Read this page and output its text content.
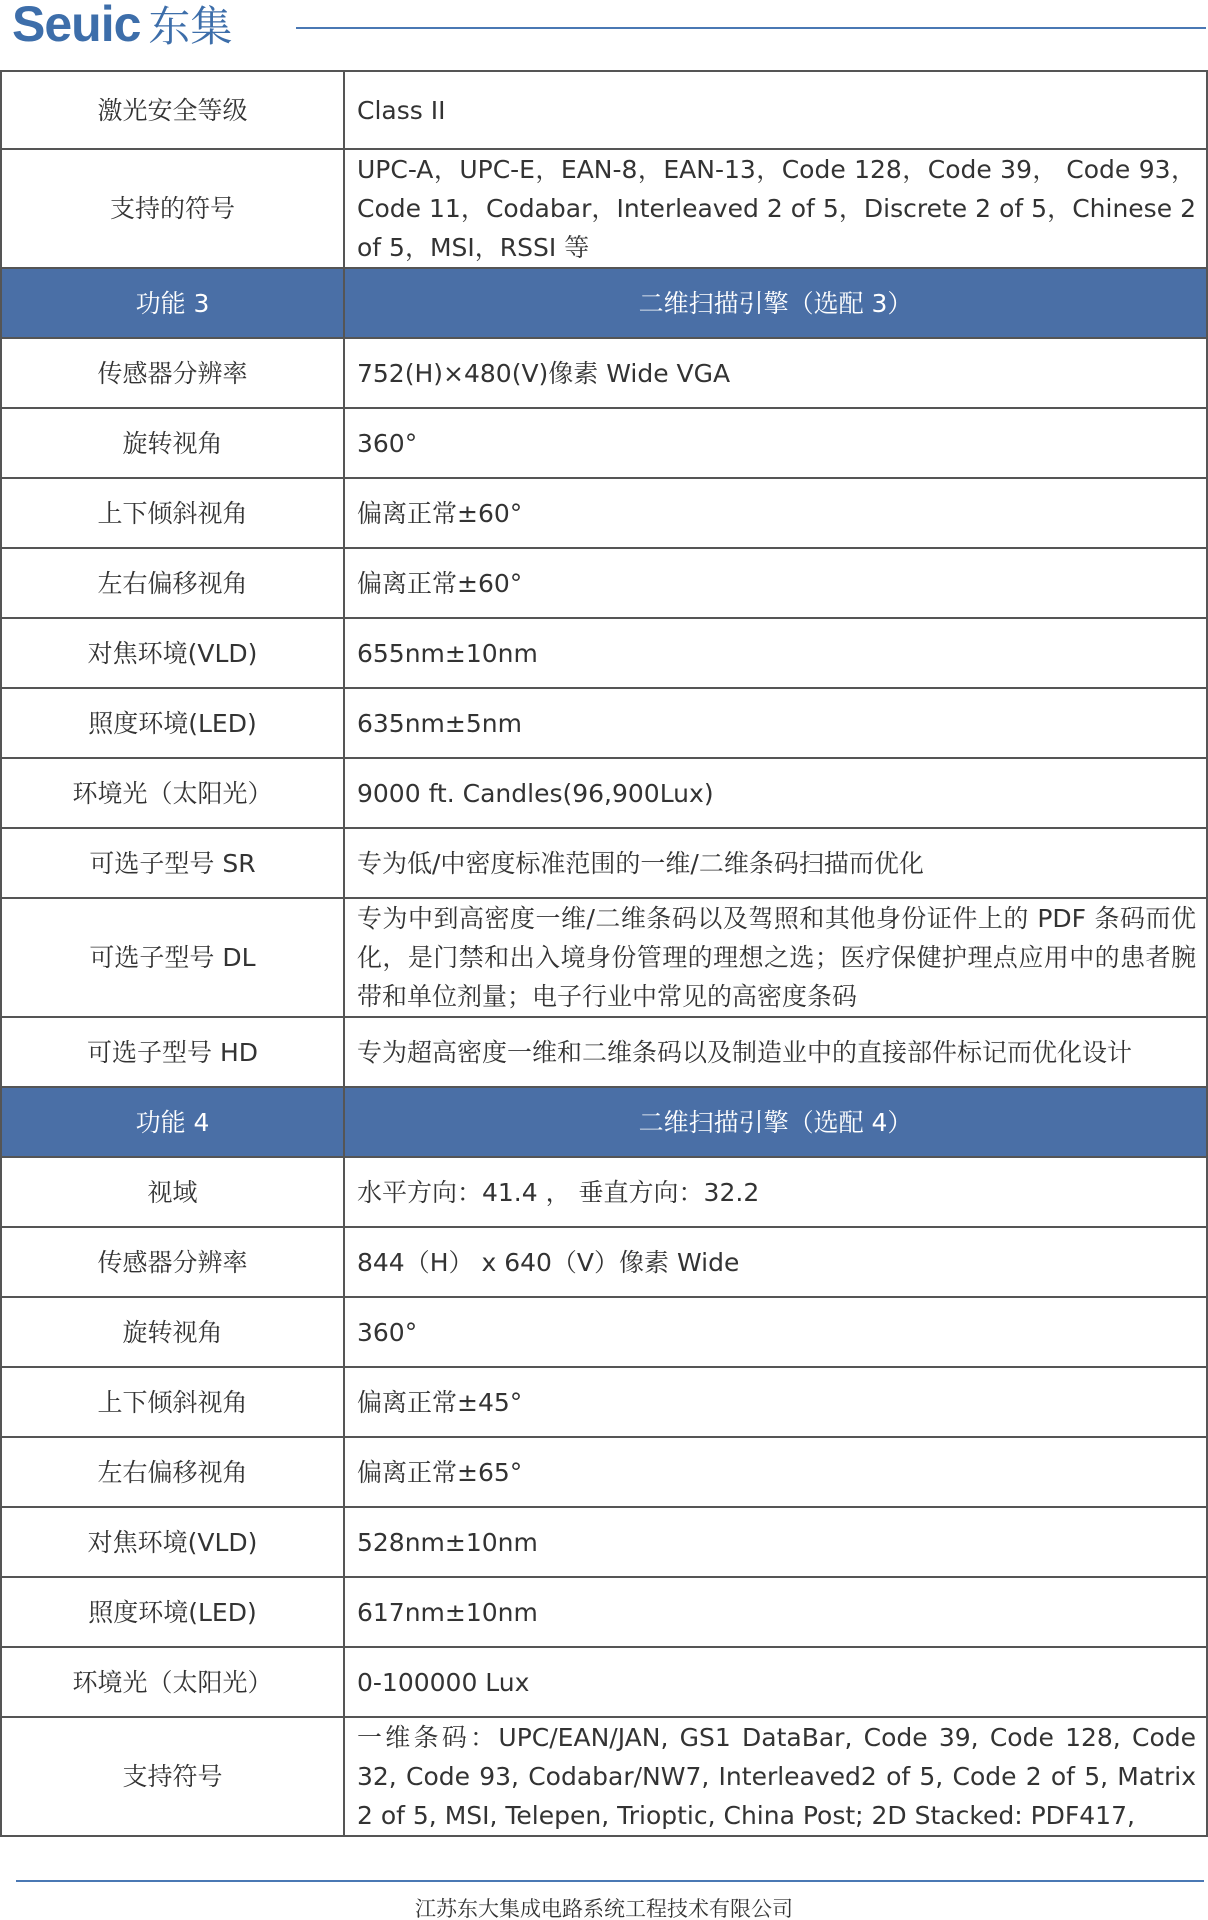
Seuic 东集
激光安全等级	Class II
支持的符号	UPC-A，UPC-E，EAN-8，EAN-13，Code 128，Code 39， Code 93，Code 11，Codabar，Interleaved 2 of 5，Discrete 2 of 5，Chinese 2 of 5，MSI，RSSI 等
功能 3	二维扫描引擎（选配 3）
传感器分辨率	752(H)×480(V)像素 Wide VGA
旋转视角	360°
上下倾斜视角	偏离正常±60°
左右偏移视角	偏离正常±60°
对焦环境(VLD)	655nm±10nm
照度环境(LED)	635nm±5nm
环境光（太阳光）	9000 ft. Candles(96,900Lux)
可选子型号 SR	专为低/中密度标准范围的一维/二维条码扫描而优化
可选子型号 DL	专为中到高密度一维/二维条码以及驾照和其他身份证件上的 PDF 条码而优化，是门禁和出入境身份管理的理想之选；医疗保健护理点应用中的患者腕带和单位剂量；电子行业中常见的高密度条码
可选子型号 HD	专为超高密度一维和二维条码以及制造业中的直接部件标记而优化设计
功能 4	二维扫描引擎（选配 4）
视域	水平方向：41.4 ， 垂直方向：32.2
传感器分辨率	844（H） x 640（V）像素 Wide
旋转视角	360°
上下倾斜视角	偏离正常±45°
左右偏移视角	偏离正常±65°
对焦环境(VLD)	528nm±10nm
照度环境(LED)	617nm±10nm
环境光（太阳光）	0-100000 Lux
支持符号	一维条码：UPC/EAN/JAN, GS1 DataBar, Code 39, Code 128, Code 32, Code 93, Codabar/NW7, Interleaved2 of 5, Code 2 of 5, Matrix 2 of 5, MSI, Telepen, Trioptic, China Post; 2D Stacked: PDF417,
江苏东大集成电路系统工程技术有限公司
